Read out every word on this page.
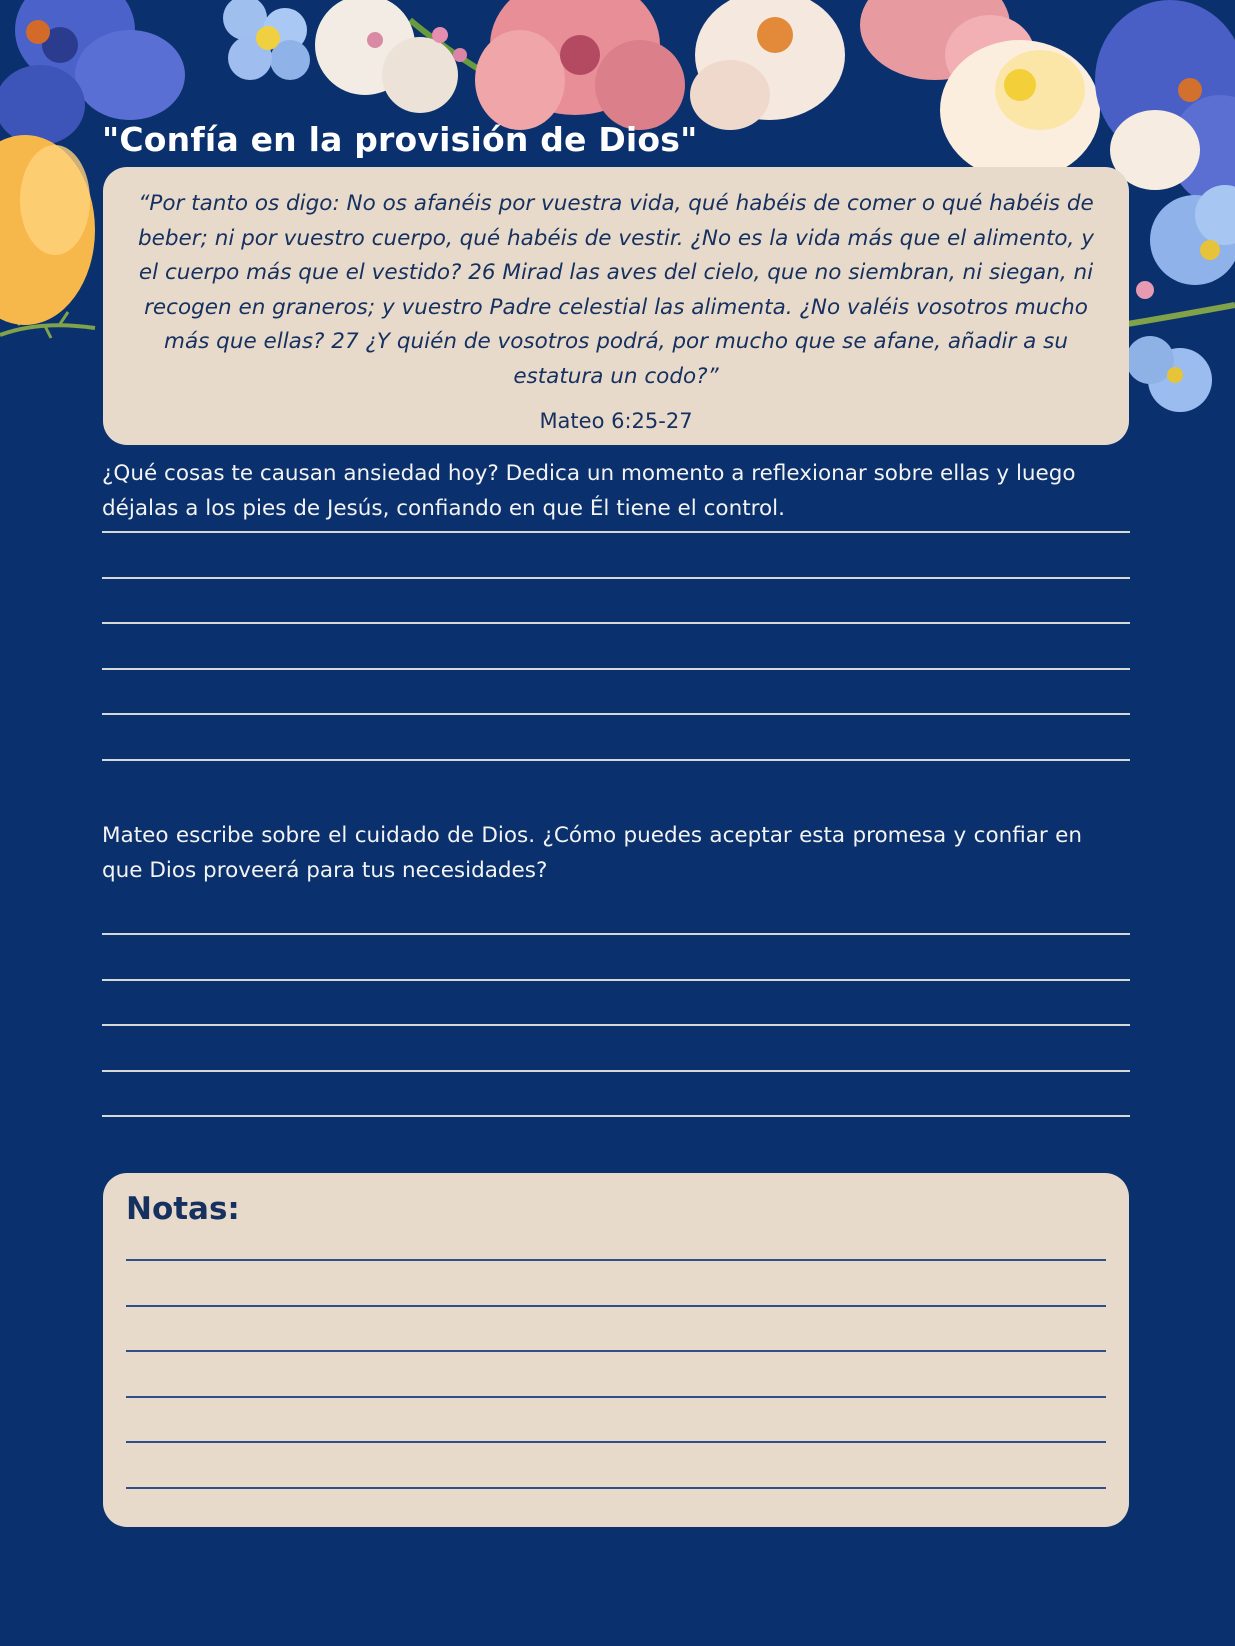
"Confía en la provisión de Dios"
“Por tanto os digo: No os afanéis por vuestra vida, qué habéis de comer o qué habéis de beber; ni por vuestro cuerpo, qué habéis de vestir. ¿No es la vida más que el alimento, y el cuerpo más que el vestido? 26 Mirad las aves del cielo, que no siembran, ni siegan, ni recogen en graneros; y vuestro Padre celestial las alimenta. ¿No valéis vosotros mucho más que ellas? 27 ¿Y quién de vosotros podrá, por mucho que se afane, añadir a su estatura un codo?”
Mateo 6:25-27
¿Qué cosas te causan ansiedad hoy? Dedica un momento a reflexionar sobre ellas y luego déjalas a los pies de Jesús, confiando en que Él tiene el control.
Mateo escribe sobre el cuidado de Dios. ¿Cómo puedes aceptar esta promesa y confiar en que Dios proveerá para tus necesidades?
Notas:
